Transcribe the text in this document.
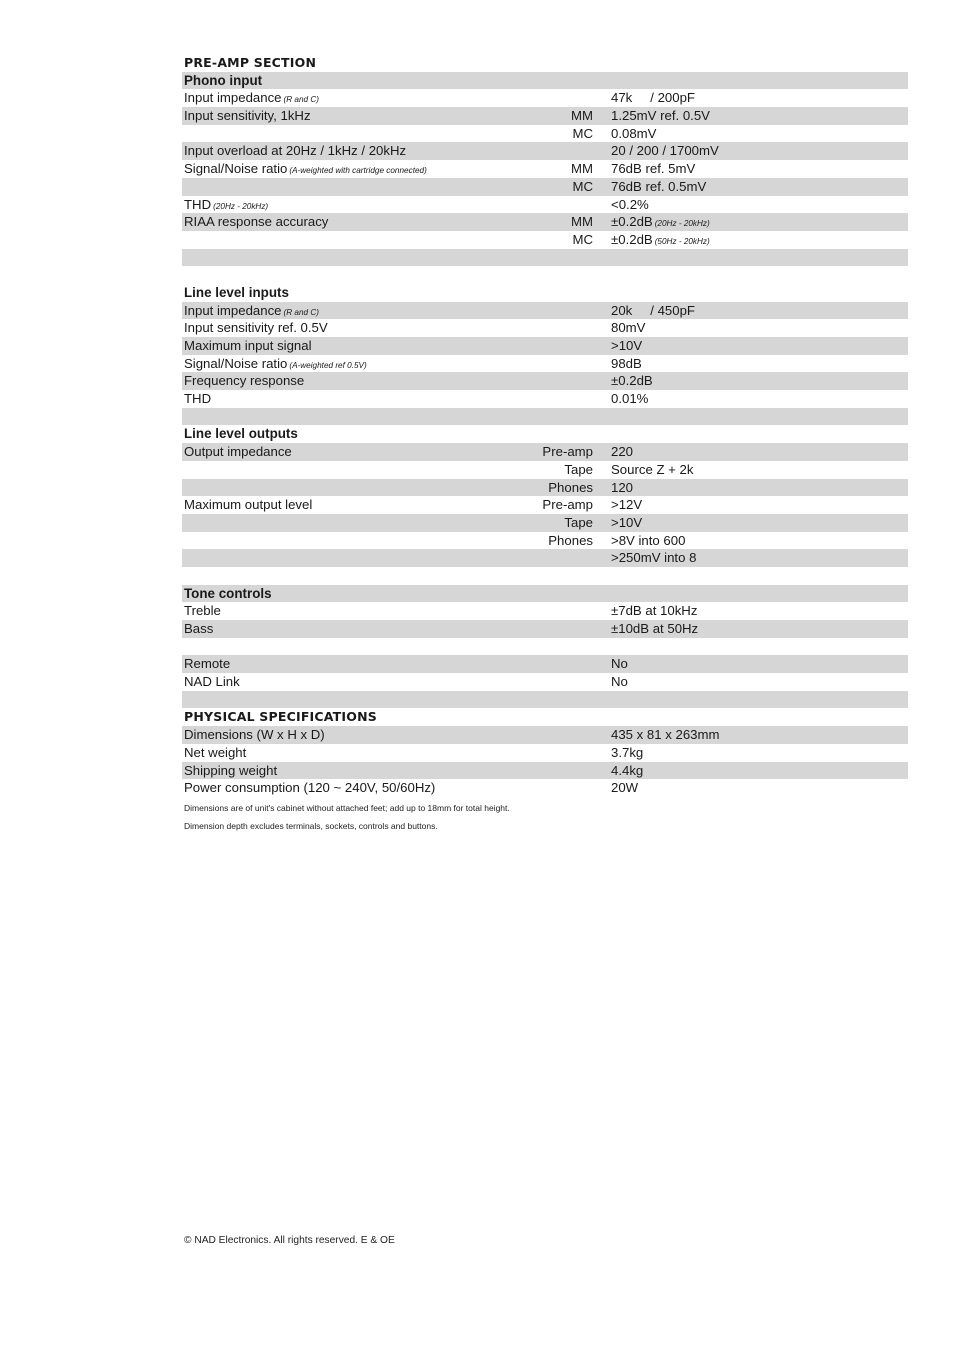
PRE-AMP SECTION
Phono input
Input impedance (R and C)	47k / 200pF
Input sensitivity, 1kHz	MM 1.25mV ref. 0.5V
MC 0.08mV
Input overload at 20Hz / 1kHz / 20kHz	20 / 200 / 1700mV
Signal/Noise ratio (A-weighted with cartridge connected)	MM 76dB ref. 5mV
MC 76dB ref. 0.5mV
THD (20Hz - 20kHz)	<0.2%
RIAA response accuracy	MM ±0.2dB (20Hz - 20kHz)
MC ±0.2dB (50Hz - 20kHz)
Line level inputs
Input impedance (R and C)	20k / 450pF
Input sensitivity ref. 0.5V	80mV
Maximum input signal	>10V
Signal/Noise ratio (A-weighted ref 0.5V)	98dB
Frequency response	±0.2dB
THD	0.01%
Line level outputs
Output impedance	Pre-amp 220
Tape Source Z + 2k
Phones 120
Maximum output level	Pre-amp >12V
Tape >10V
Phones >8V into 600
>250mV into 8
Tone controls
Treble	±7dB at 10kHz
Bass	±10dB at 50Hz
Remote	No
NAD Link	No
PHYSICAL SPECIFICATIONS
Dimensions (W x H x D)	435 x 81 x 263mm
Net weight	3.7kg
Shipping weight	4.4kg
Power consumption (120 ~ 240V, 50/60Hz)	20W
Dimensions are of unit's cabinet without attached feet; add up to 18mm for total height.
Dimension depth excludes terminals, sockets, controls and buttons.
© NAD Electronics. All rights reserved. E & OE
